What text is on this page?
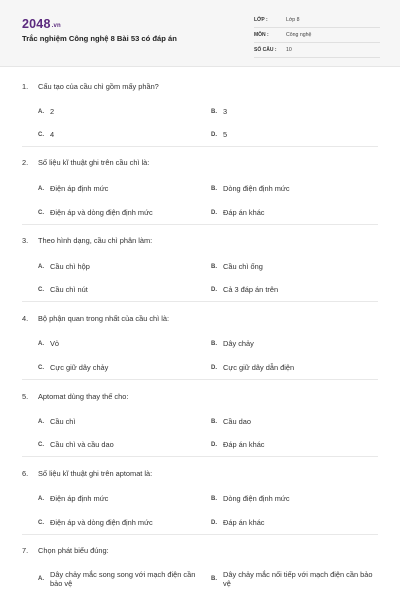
2048.vn
Trắc nghiệm Công nghệ 8 Bài 53 có đáp án
LỚP :	Lớp 8
MÔN :	Công nghệ
SỐ CÂU :	10
1.	Cấu tạo của cầu chì gồm mấy phần?
A. 2	B. 3
C. 4	D. 5
2.	Số liệu kĩ thuật ghi trên cầu chì là:
A. Điện áp định mức	B. Dòng điện định mức
C. Điện áp và dòng điện định mức	D. Đáp án khác
3.	Theo hình dạng, cầu chì phân làm:
A. Cầu chì hộp	B. Cầu chì ống
C. Cầu chì nút	D. Cả 3 đáp án trên
4.	Bộ phận quan trong nhất của cầu chì là:
A. Vỏ	B. Dây chảy
C. Cực giữ dây chảy	D. Cực giữ dây dẫn điện
5.	Aptomat dùng thay thế cho:
A. Cầu chì	B. Cầu dao
C. Cầu chì và cầu dao	D. Đáp án khác
6.	Số liệu kĩ thuật ghi trên aptomat là:
A. Điện áp định mức	B. Dòng điện định mức
C. Điện áp và dòng điện định mức	D. Đáp án khác
7.	Chọn phát biểu đúng:
A. Dây chảy mắc song song với mạch điện cần bảo vệ	B. Dây chảy mắc nối tiếp với mạch điện cần bảo vệ
